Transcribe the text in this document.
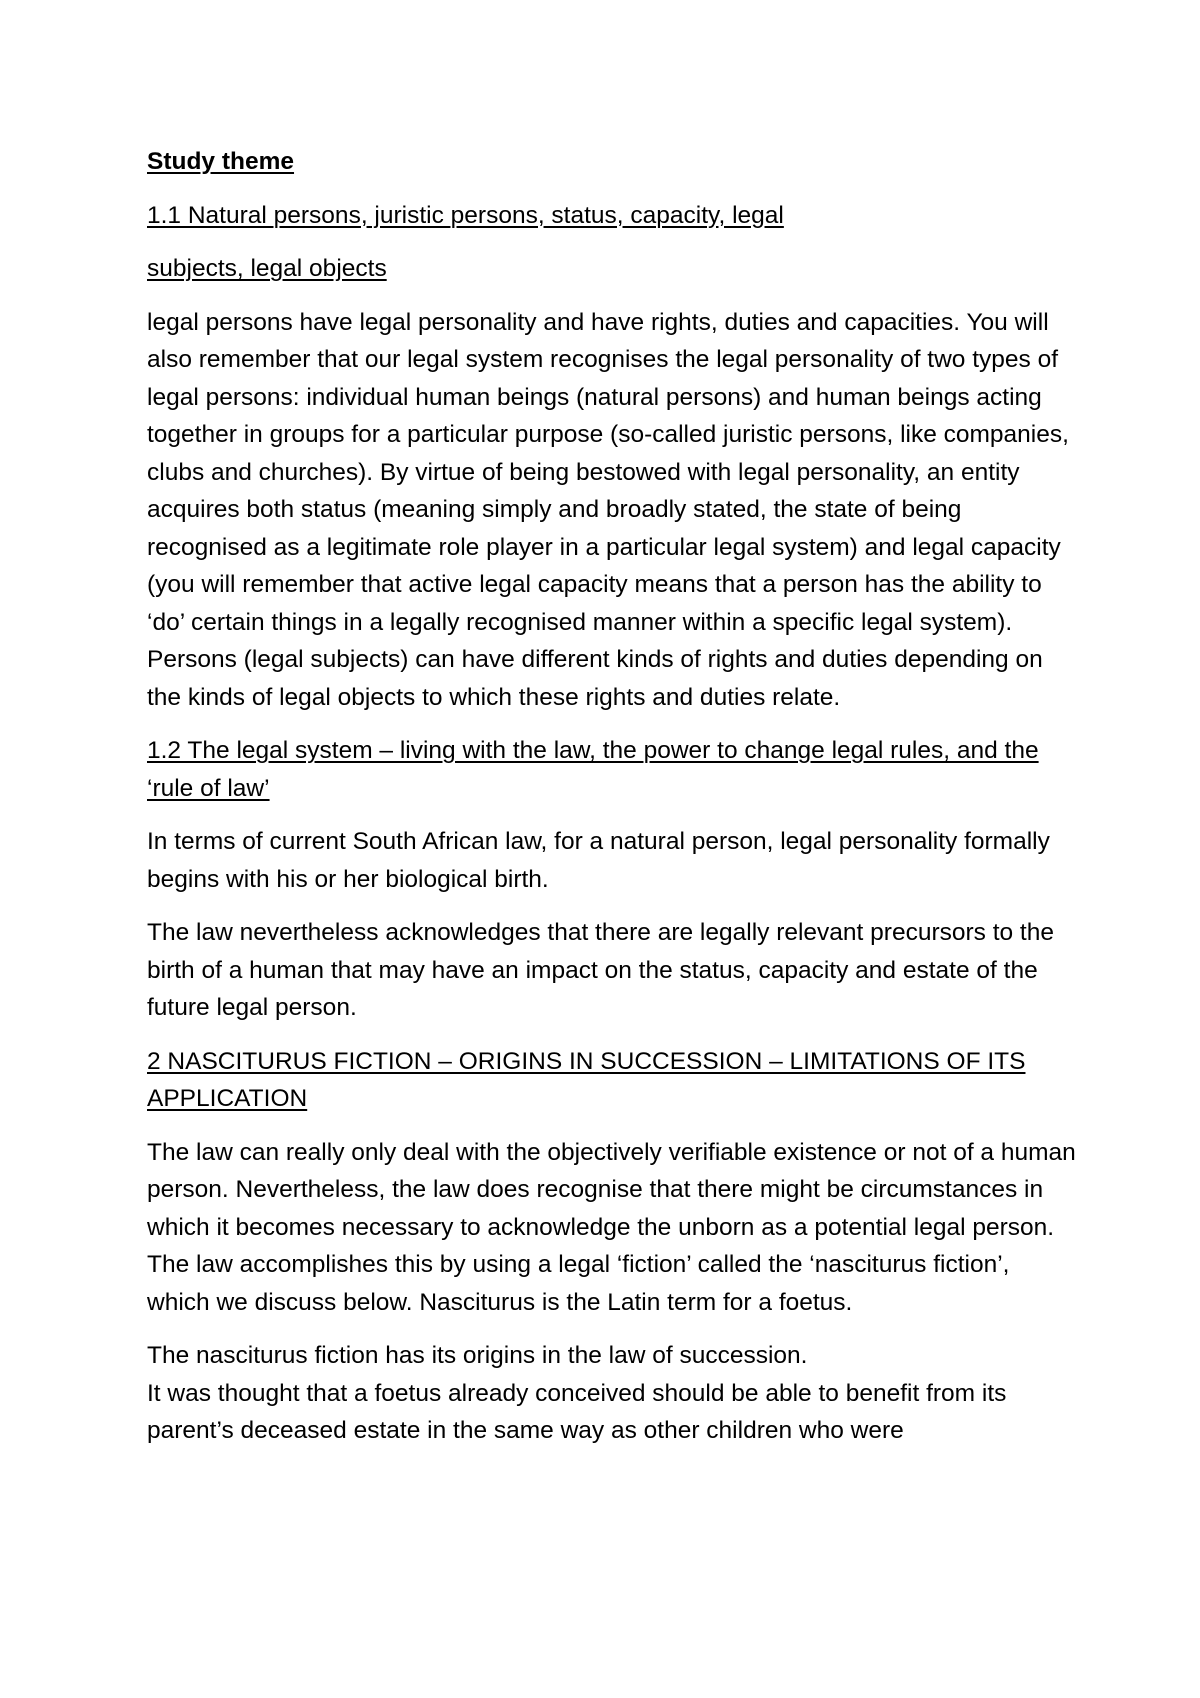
Study theme

1.1 Natural persons, juristic persons, status, capacity, legal

subjects, legal objects

legal persons have legal personality and have rights, duties and capacities. You will also remember that our legal system recognises the legal personality of two types of legal persons: individual human beings (natural persons) and human beings acting together in groups for a particular purpose (so-called juristic persons, like companies, clubs and churches). By virtue of being bestowed with legal personality, an entity acquires both status (meaning simply and broadly stated, the state of being recognised as a legitimate role player in a particular legal system) and legal capacity (you will remember that active legal capacity means that a person has the ability to ‘do’ certain things in a legally recognised manner within a specific legal system). Persons (legal subjects) can have different kinds of rights and duties depending on the kinds of legal objects to which these rights and duties relate.

1.2 The legal system – living with the law, the power to change legal rules, and the ‘rule of law’

In terms of current South African law, for a natural person, legal personality formally begins with his or her biological birth.

The law nevertheless acknowledges that there are legally relevant precursors to the birth of a human that may have an impact on the status, capacity and estate of the future legal person.

2 NASCITURUS FICTION – ORIGINS IN SUCCESSION – LIMITATIONS OF ITS APPLICATION

The law can really only deal with the objectively verifiable existence or not of a human person. Nevertheless, the law does recognise that there might be circumstances in which it becomes necessary to acknowledge the unborn as a potential legal person. The law accomplishes this by using a legal ‘fiction’ called the ‘nasciturus fiction’, which we discuss below. Nasciturus is the Latin term for a foetus.

The nasciturus fiction has its origins in the law of succession.

It was thought that a foetus already conceived should be able to benefit from its parent’s deceased estate in the same way as other children who were
